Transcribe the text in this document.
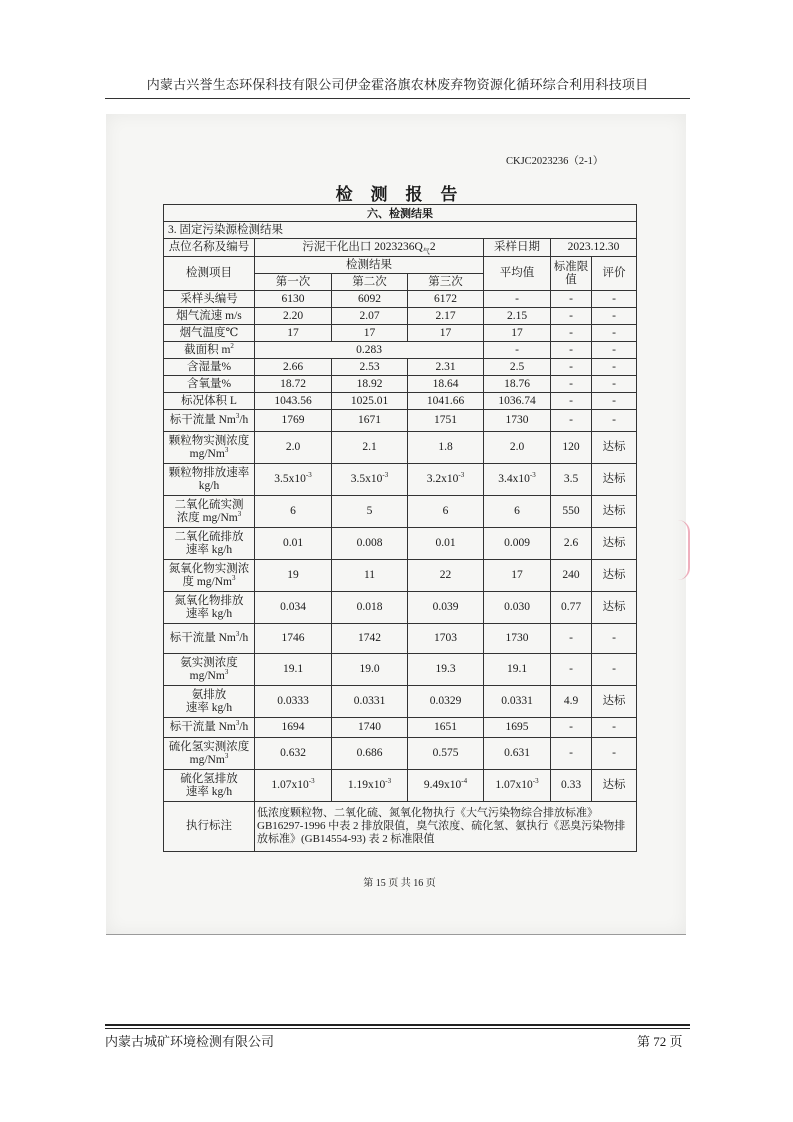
内蒙古兴誉生态环保科技有限公司伊金霍洛旗农林废弃物资源化循环综合利用科技项目
CKJC2023236（2-1）
检 测 报 告
六、检测结果						
3. 固定污染源检测结果						
点位名称及编号	污泥干化出口 $2023236Q_气2$			采样日期	2023.12.30	
检测项目	检测结果			平均值	标准限值	评价
	第一次	第二次	第三次			
采样头编号	6130	6092	6172	-	-	-
烟气流速 m/s	2.20	2.07	2.17	2.15	-	-
烟气温度℃	17	17	17	17	-	-
截面积 $m^2$	0.283			-	-	-
含湿量%	2.66	2.53	2.31	2.5	-	-
含氧量%	18.72	18.92	18.64	18.76	-	-
标况体积 L	1043.56	1025.01	1041.66	1036.74	-	-
标干流量 Nm$^3$/h	1769	1671	1751	1730	-	-
颗粒物实测浓度
mg/Nm$^3$	2.0	2.1	1.8	2.0	120	达标
颗粒物排放速率
kg/h	$3.5x10^{-3}$	$3.5x10^{-3}$	$3.2x10^{-3}$	$3.4x10^{-3}$	3.5	达标
二氧化硫实测
浓度 mg/Nm$^3$	6	5	6	6	550	达标
二氧化硫排放
速率 kg/h	0.01	0.008	0.01	0.009	2.6	达标
氮氧化物实测浓
度 mg/Nm$^3$	19	11	22	17	240	达标
氮氧化物排放
速率 kg/h	0.034	0.018	0.039	0.030	0.77	达标
标干流量 Nm$^3$/h	1746	1742	1703	1730	-	-
氨实测浓度
mg/Nm$^3$	19.1	19.0	19.3	19.1	-	-
氨排放
速率 kg/h	0.0333	0.0331	0.0329	0.0331	4.9	达标
标干流量 Nm$^3$/h	1694	1740	1651	1695	-	-
硫化氢实测浓度
mg/Nm$^3$	0.632	0.686	0.575	0.631	-	-
硫化氢排放
速率 kg/h	$1.07x10^{-3}$	$1.19x10^{-3}$	$9.49x10^{-4}$	$1.07x10^{-3}$	0.33	达标
执行标注	低浓度颗粒物、二氧化硫、氮氧化物执行《大气污染物综合排放标准》GB16297-1996 中表 2 排放限值，臭气浓度、硫化氢、氨执行《恶臭污染物排放标准》(GB14554-93) 表 2 标准限值					
第 15 页 共 16 页
内蒙古城矿环境检测有限公司	第 72 页
